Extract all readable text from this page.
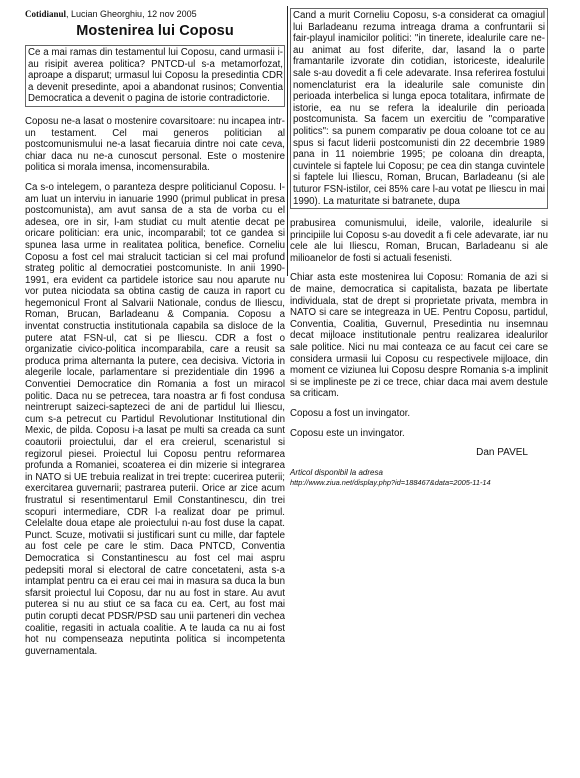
Cotidianul, Lucian Gheorghiu, 12 nov 2005
Mostenirea lui Coposu

Ce a mai ramas din testamentul lui Coposu, cand urmasii i-au risipit averea politica? PNTCD-ul s-a metamorfozat, aproape a disparut; urmasul lui Coposu la presedintia CDR a devenit presedinte, apoi a abandonat rusinos; Conventia Democratica a devenit o pagina de istorie contradictorie.

Coposu ne-a lasat o mostenire covarsitoare: nu incapea intr-un testament. Cel mai generos politician al postcomunismului ne-a lasat fiecaruia dintre noi cate ceva, chiar daca nu ne-a cunoscut personal. Este o mostenire politica si morala imensa, incomensurabila.

Ca s-o intelegem, o paranteza despre politicianul Coposu. I-am luat un interviu in ianuarie 1990 (primul publicat in presa postcomunista), am avut sansa de a sta de vorba cu el adesea, ore in sir, l-am studiat cu mult atentie decat pe oricare politician: era unic, incomparabil; tot ce gandea si spunea lasa urme in realitatea politica, benefice. Corneliu Coposu a fost cel mai stralucit tactician si cel mai profund strateg politic al democratiei postcomuniste. In anii 1990-1991, era evident ca partidele istorice sau nou aparute nu vor putea niciodata sa obtina castig de cauza in raport cu hegemonicul Front al Salvarii Nationale, condus de Iliescu, Roman, Brucan, Barladeanu & Compania. Coposu a inventat constructia institutionala capabila sa disloce de la putere atat FSN-ul, cat si pe Iliescu. CDR a fost o organizatie civico-politica incomparabila, care a reusit sa produca prima alternanta la putere, cea decisiva. Victoria in alegerile locale, parlamentare si prezidentiale din 1996 a Conventiei Democratice din Romania a fost un miracol politic. Daca nu se petrecea, tara noastra ar fi fost condusa neintrerupt saizeci-saptezeci de ani de partidul lui Iliescu, cum s-a petrecut cu Partidul Revolutionar Institutional din Mexic, de pilda. Coposu i-a lasat pe multi sa creada ca sunt coautorii proiectului, dar el era creierul, scenaristul si regizorul piesei. Proiectul lui Coposu pentru reformarea profunda a Romaniei, scoaterea ei din mizerie si integrarea in NATO si UE trebuia realizat in trei trepte: cucerirea puterii; exercitarea guvernarii; pastrarea puterii. Orice ar zice acum frustratul si resentimentarul Emil Constantinescu, din trei scopuri intermediare, CDR l-a realizat doar pe primul. Celelalte doua etape ale proiectului n-au fost duse la capat. Punct. Scuze, motivatii si justificari sunt cu mille, dar faptele au fost cele pe care le stim. Daca PNTCD, Conventia Democratica si Constantinescu au fost cel mai aspru pedepsiti moral si electoral de catre concetateni, asta s-a intamplat pentru ca ei erau cei mai in masura sa duca la bun sfarsit proiectul lui Coposu, dar nu au fost in stare. Au avut puterea si nu au stiut ce sa faca cu ea. Cert, au fost mai putin corupti decat PDSR/PSD sau unii parteneri din vechea coalitie, regasiti in actuala coalitie. A te lauda ca nu ai fost hot nu compenseaza neputinta politica si incompetenta guvernamentala.

Cand a murit Corneliu Coposu, s-a considerat ca omagiul lui Barladeanu rezuma intreaga drama a confruntarii si fair-playul inamicilor politici: "in tinerete, idealurile care ne-au animat au fost diferite, dar, lasand la o parte framantarile izvorate din cotidian, istoriceste, idealurile sale s-au dovedit a fi cele adevarate. Insa referirea fostului nomenclaturist era la idealurile sale comuniste din perioada interbelica si lunga epoca totalitara, infirmate de istorie, ea nu se refera la idealurile din perioada postcomunista. Sa facem un exercitiu de "comparative politics": sa punem comparativ pe doua coloane tot ce au spus si facut liderii postcomunisti din 22 decembrie 1989 pana in 11 noiembrie 1995; pe coloana din dreapta, cuvintele si faptele lui Coposu; pe cea din stanga cuvintele si faptele lui Iliescu, Roman, Brucan, Barladeanu (si ale tuturor FSN-istilor, cei 85% care l-au votat pe Iliescu in mai 1990). La maturitate si batranete, dupa

prabusirea comunismului, ideile, valorile, idealurile si principiile lui Coposu s-au dovedit a fi cele adevarate, iar nu cele ale lui Iliescu, Roman, Brucan, Barladeanu si ale milioanelor de fosti si actuali fesenisti.

Chiar asta este mostenirea lui Coposu: Romania de azi si de maine, democratica si capitalista, bazata pe libertate individuala, stat de drept si proprietate privata, membra in NATO si care se integreaza in UE. Pentru Coposu, partidul, Conventia, Coalitia, Guvernul, Presedintia nu insemnau decat mijloace institutionale pentru realizarea idealurilor sale politice. Nici nu mai conteaza ce au facut cei care se considera urmasii lui Coposu cu respectivele mijloace, din moment ce viziunea lui Coposu despre Romania s-a implinit si se implineste pe zi ce trece, chiar daca mai avem destule sa criticam.

Coposu a fost un invingator.

Coposu este un invingator.

Dan PAVEL
Articol disponibil la adresa
http://www.ziua.net/display.php?id=188467&data=2005-11-14
